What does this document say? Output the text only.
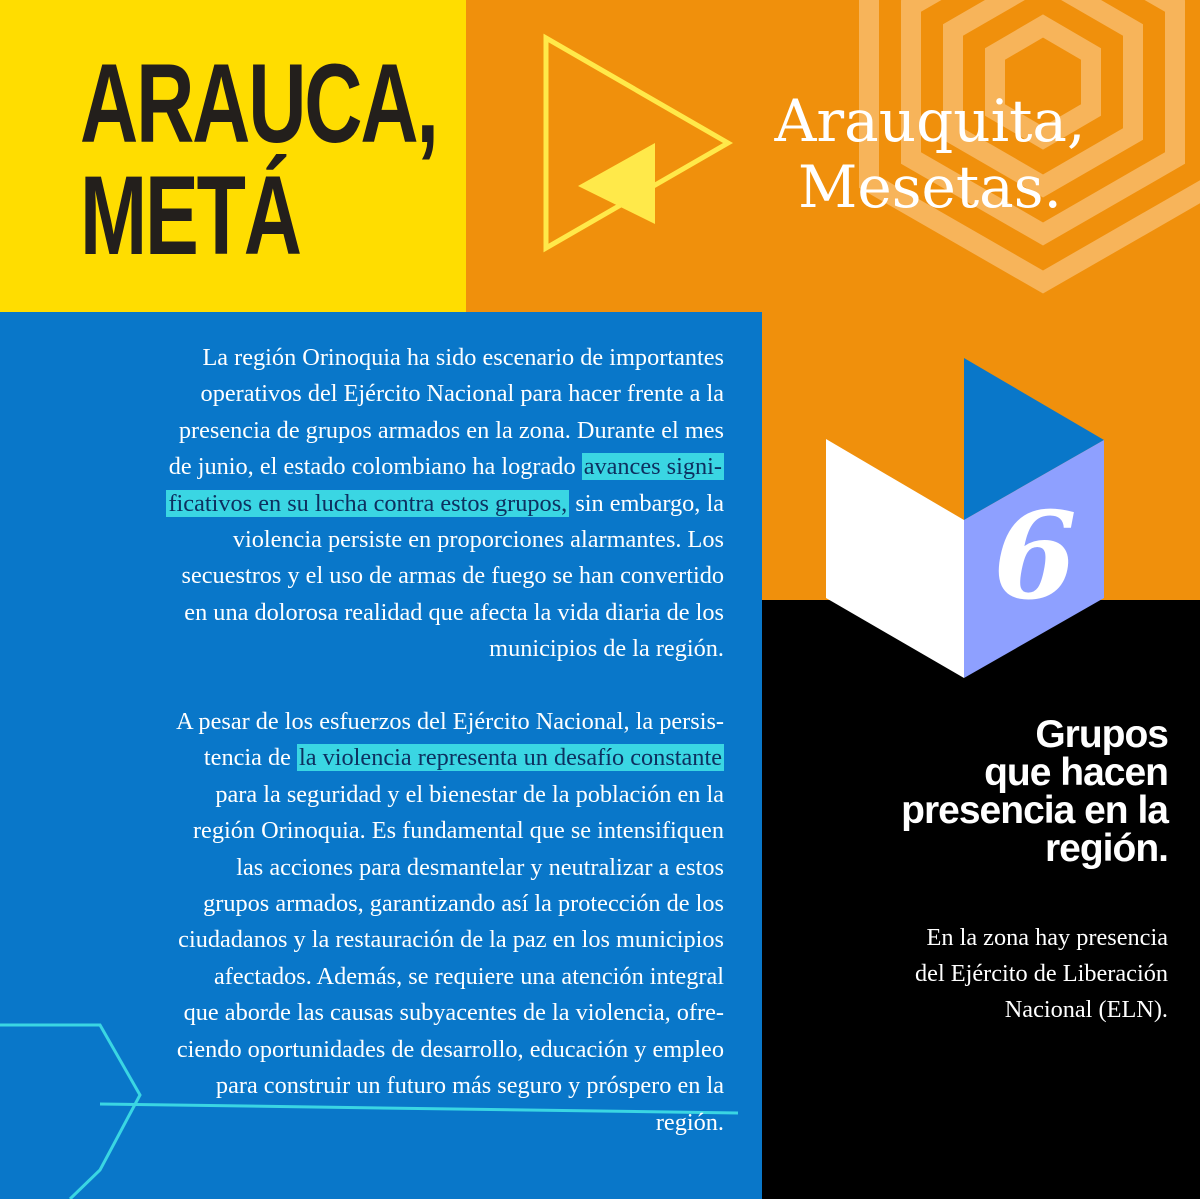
ARAUCA,
METÁ
Arauquita,
Mesetas.
6
La región Orinoquia ha sido escenario de importantes
operativos del Ejército Nacional para hacer frente a la
presencia de grupos armados en la zona. Durante el mes
de junio, el estado colombiano ha logrado avances signi-
ficativos en su lucha contra estos grupos, sin embargo, la
violencia persiste en proporciones alarmantes. Los
secuestros y el uso de armas de fuego se han convertido
en una dolorosa realidad que afecta la vida diaria de los
municipios de la región.
A pesar de los esfuerzos del Ejército Nacional, la persis-
tencia de la violencia representa un desafío constante
para la seguridad y el bienestar de la población en la
región Orinoquia. Es fundamental que se intensifiquen
las acciones para desmantelar y neutralizar a estos
grupos armados, garantizando así la protección de los
ciudadanos y la restauración de la paz en los municipios
afectados. Además, se requiere una atención integral
que aborde las causas subyacentes de la violencia, ofre-
ciendo oportunidades de desarrollo, educación y empleo
para construir un futuro más seguro y próspero en la
región.
Grupos
que hacen
presencia en la
región.

En la zona hay presencia
del Ejército de Liberación
Nacional (ELN).
